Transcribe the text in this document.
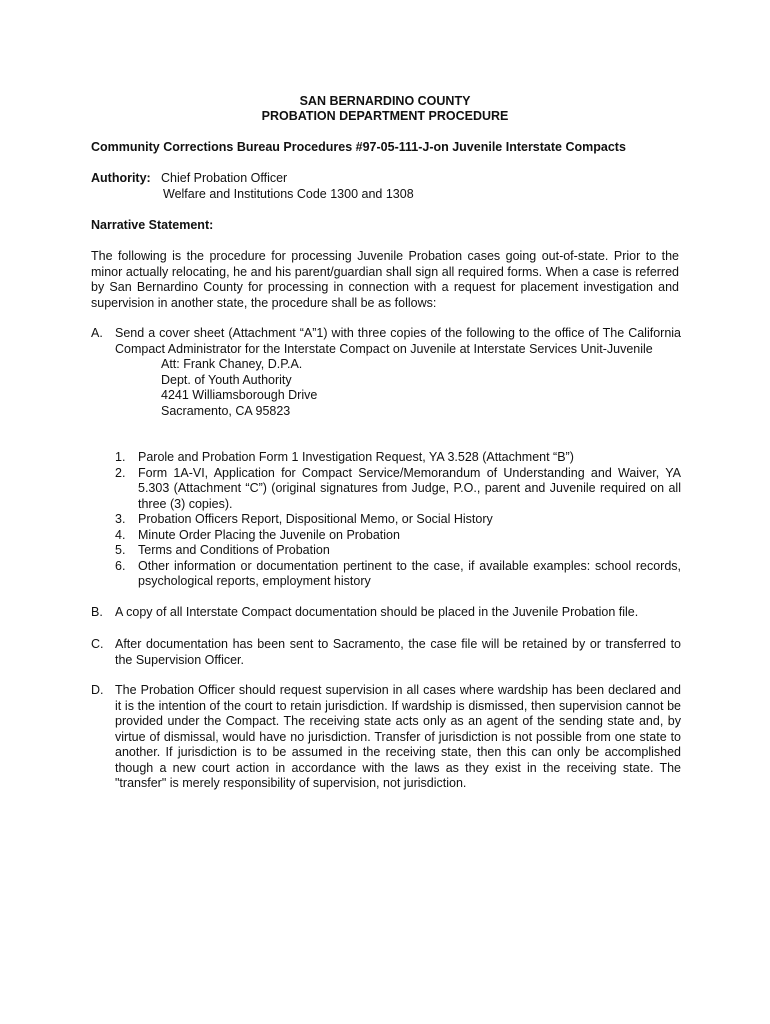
SAN BERNARDINO COUNTY
PROBATION DEPARTMENT PROCEDURE
Community Corrections Bureau Procedures #97-05-111-J-on Juvenile Interstate Compacts
Authority: Chief Probation Officer
Welfare and Institutions Code 1300 and 1308
Narrative Statement:
The following is the procedure for processing Juvenile Probation cases going out-of-state. Prior to the minor actually relocating, he and his parent/guardian shall sign all required forms. When a case is referred by San Bernardino County for processing in connection with a request for placement investigation and supervision in another state, the procedure shall be as follows:
A. Send a cover sheet (Attachment “A”1) with three copies of the following to the office of The California Compact Administrator for the Interstate Compact on Juvenile at Interstate Services Unit-Juvenile
Att: Frank Chaney, D.P.A.
Dept. of Youth Authority
4241 Williamsborough Drive
Sacramento, CA 95823
1. Parole and Probation Form 1 Investigation Request, YA 3.528 (Attachment “B”)
2. Form 1A-VI, Application for Compact Service/Memorandum of Understanding and Waiver, YA 5.303 (Attachment “C”) (original signatures from Judge, P.O., parent and Juvenile required on all three (3) copies).
3. Probation Officers Report, Dispositional Memo, or Social History
4. Minute Order Placing the Juvenile on Probation
5. Terms and Conditions of Probation
6. Other information or documentation pertinent to the case, if available examples: school records, psychological reports, employment history
B. A copy of all Interstate Compact documentation should be placed in the Juvenile Probation file.
C. After documentation has been sent to Sacramento, the case file will be retained by or transferred to the Supervision Officer.
D. The Probation Officer should request supervision in all cases where wardship has been declared and it is the intention of the court to retain jurisdiction. If wardship is dismissed, then supervision cannot be provided under the Compact. The receiving state acts only as an agent of the sending state and, by virtue of dismissal, would have no jurisdiction. Transfer of jurisdiction is not possible from one state to another. If jurisdiction is to be assumed in the receiving state, then this can only be accomplished though a new court action in accordance with the laws as they exist in the receiving state. The "transfer" is merely responsibility of supervision, not jurisdiction.
